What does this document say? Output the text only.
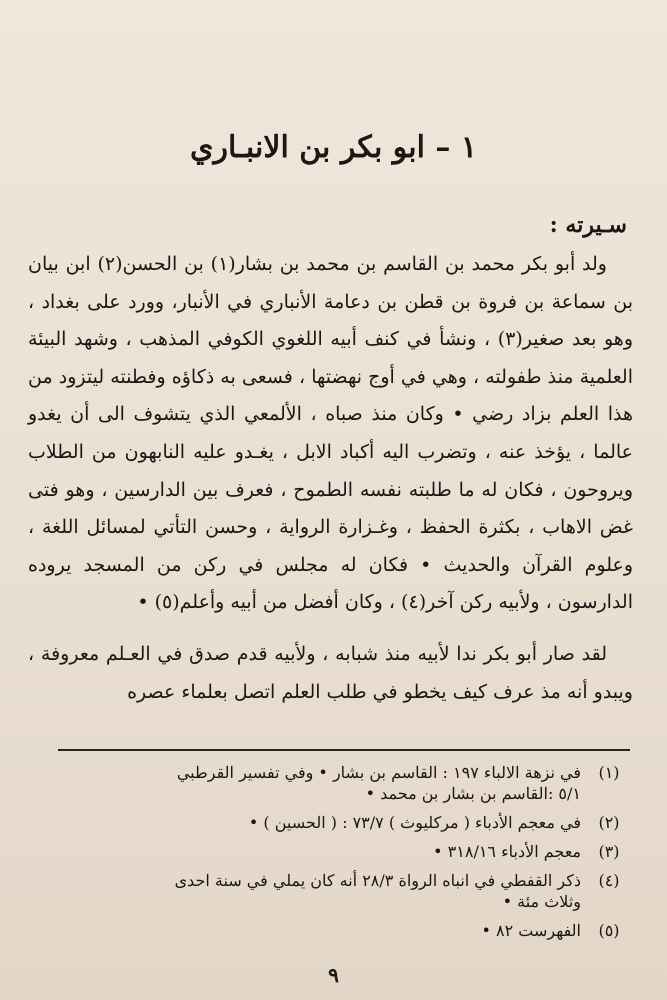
١ – ابو بكر بن الانبـاري
سـيرته :

ولد أبو بكر محمد بن القاسم بن محمد بن بشار(١) بن الحسن(٢) ابن بيان بن سماعة بن فروة بن قطن بن دعامة الأنباري في الأنبار، وورد على بغداد ، وهو بعد صغير(٣) ، ونشأ في كنف أبيه اللغوي الكوفي المذهب ، وشهد البيئة العلمية منذ طفولته ، وهي في أوج نهضتها ، فسعى به ذكاؤه وفطنته ليتزود من هذا العلم بزاد رضي • وكان منذ صباه ، الألمعي الذي يتشوف الى أن يغدو عالما ، يؤخذ عنه ، وتضرب اليه أكباد الابل ، يغـدو عليه النابهون من الطلاب ويروحون ، فكان له ما طلبته نفسه الطموح ، فعرف بين الدارسين ، وهو فتى غض الاهاب ، بكثرة الحفظ ، وغـزارة الرواية ، وحسن التأتي لمسائل اللغة ، وعلوم القرآن والحديث • فكان له مجلس في ركن من المسجد يروده الدارسون ، ولأبيه ركن آخر(٤) ، وكان أفضل من أبيه وأعلم(٥) •

لقد صار أبو بكر ندا لأبيه منذ شبابه ، ولأبيه قدم صدق في العـلم معروفة ، ويبدو أنه مذ عرف كيف يخطو في طلب العلم اتصل بعلماء عصره

(١)
في نزهة الالباء ١٩٧ : القاسم بن بشار • وفي تفسير القرطبي
٥/١ :القاسم بن بشار بن محمد •
(٢)
في معجم الأدباء ( مركليوث ) ٧٣/٧ : ( الحسين ) •
(٣)
معجم الأدباء ٣١٨/١٦ •
(٤)
ذكر القفطي في انباه الرواة ٢٨/٣ أنه كان يملي في سنة احدى
وثلاث مئة •
(٥)
الفهرست ٨٢ •
٩
